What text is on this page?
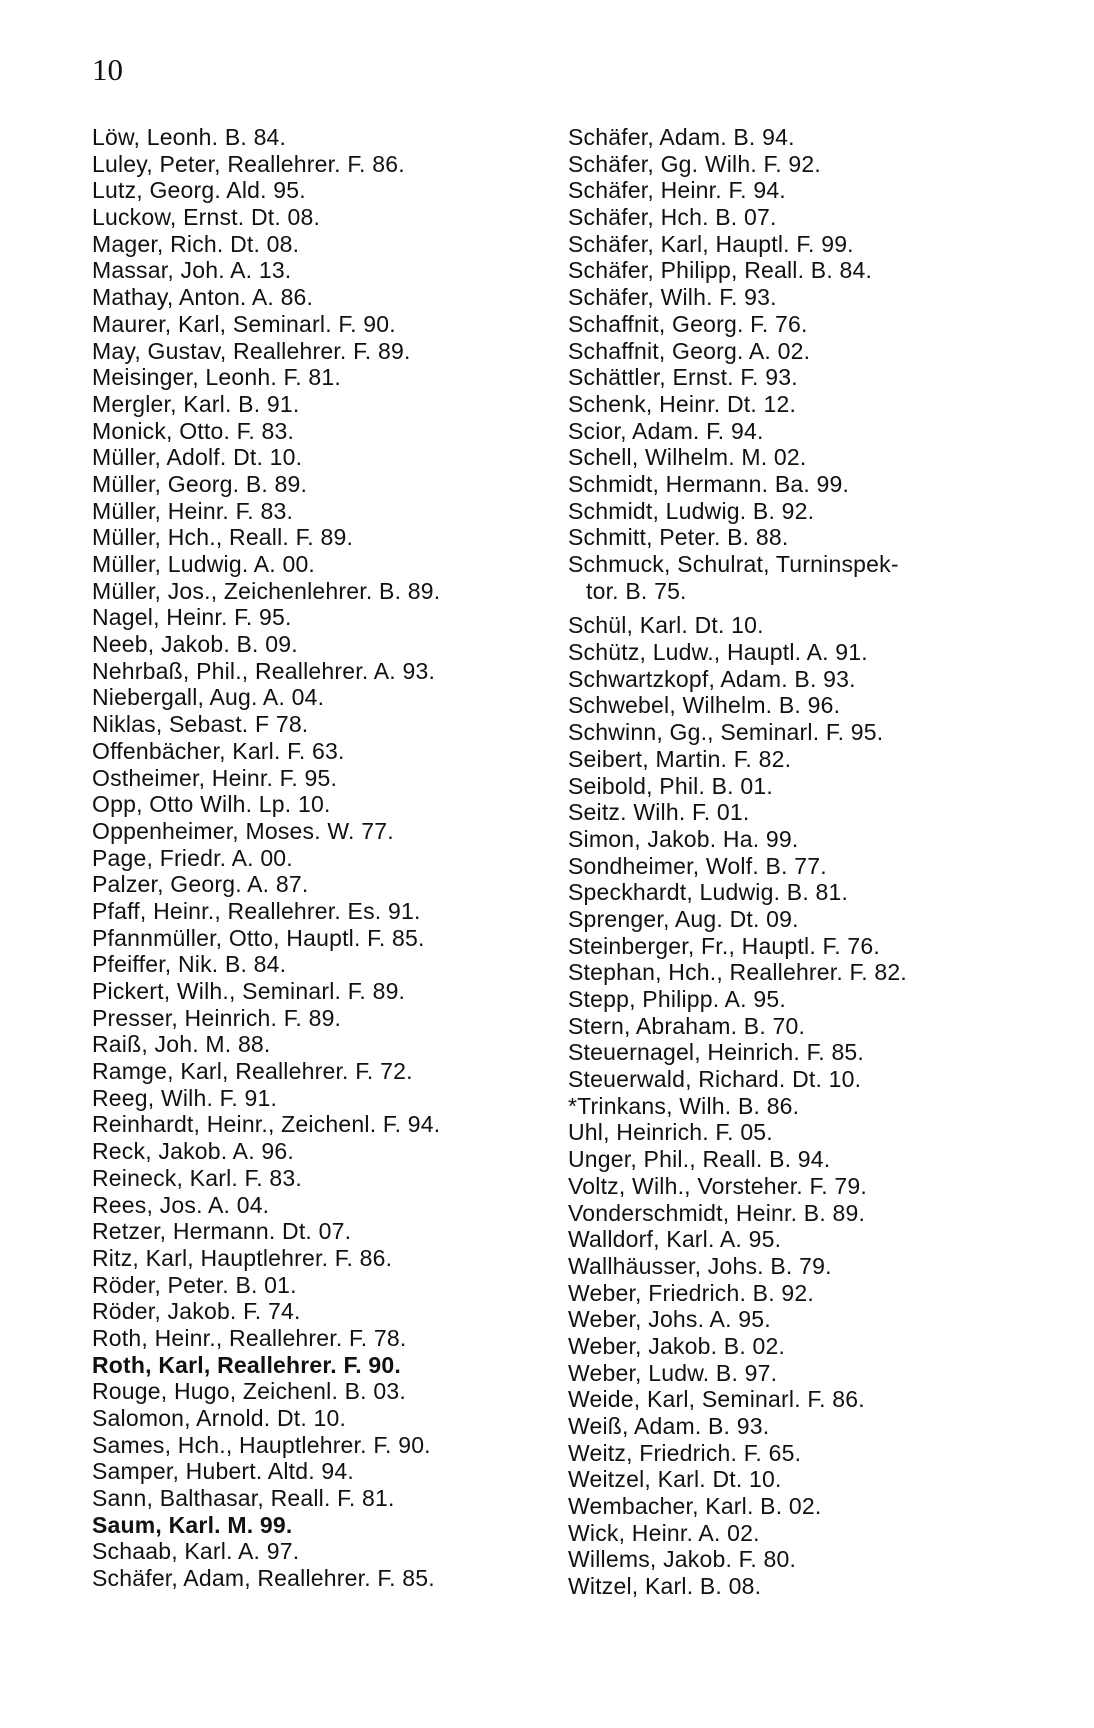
10
Löw, Leonh. B. 84.
Luley, Peter, Reallehrer. F. 86.
Lutz, Georg. Ald. 95.
Luckow, Ernst. Dt. 08.
Mager, Rich. Dt. 08.
Massar, Joh. A. 13.
Mathay, Anton. A. 86.
Maurer, Karl, Seminarl. F. 90.
May, Gustav, Reallehrer. F. 89.
Meisinger, Leonh. F. 81.
Mergler, Karl. B. 91.
Monick, Otto. F. 83.
Müller, Adolf. Dt. 10.
Müller, Georg. B. 89.
Müller, Heinr. F. 83.
Müller, Hch., Reall. F. 89.
Müller, Ludwig. A. 00.
Müller, Jos., Zeichenlehrer. B. 89.
Nagel, Heinr. F. 95.
Neeb, Jakob. B. 09.
Nehrbaß, Phil., Reallehrer. A. 93.
Niebergall, Aug. A. 04.
Niklas, Sebast. F 78.
Offenbächer, Karl. F. 63.
Ostheimer, Heinr. F. 95.
Opp, Otto Wilh. Lp. 10.
Oppenheimer, Moses. W. 77.
Page, Friedr. A. 00.
Palzer, Georg. A. 87.
Pfaff, Heinr., Reallehrer. Es. 91.
Pfannmüller, Otto, Hauptl. F. 85.
Pfeiffer, Nik. B. 84.
Pickert, Wilh., Seminarl. F. 89.
Presser, Heinrich. F. 89.
Raiß, Joh. M. 88.
Ramge, Karl, Reallehrer. F. 72.
Reeg, Wilh. F. 91.
Reinhardt, Heinr., Zeichenl. F. 94.
Reck, Jakob. A. 96.
Reineck, Karl. F. 83.
Rees, Jos. A. 04.
Retzer, Hermann. Dt. 07.
Ritz, Karl, Hauptlehrer. F. 86.
Röder, Peter. B. 01.
Röder, Jakob. F. 74.
Roth, Heinr., Reallehrer. F. 78.
Roth, Karl, Reallehrer. F. 90.
Rouge, Hugo, Zeichenl. B. 03.
Salomon, Arnold. Dt. 10.
Sames, Hch., Hauptlehrer. F. 90.
Samper, Hubert. Altd. 94.
Sann, Balthasar, Reall. F. 81.
Saum, Karl. M. 99.
Schaab, Karl. A. 97.
Schäfer, Adam, Reallehrer. F. 85.
Schäfer, Adam. B. 94.
Schäfer, Gg. Wilh. F. 92.
Schäfer, Heinr. F. 94.
Schäfer, Hch. B. 07.
Schäfer, Karl, Hauptl. F. 99.
Schäfer, Philipp, Reall. B. 84.
Schäfer, Wilh. F. 93.
Schaffnit, Georg. F. 76.
Schaffnit, Georg. A. 02.
Schättler, Ernst. F. 93.
Schenk, Heinr. Dt. 12.
Scior, Adam. F. 94.
Schell, Wilhelm. M. 02.
Schmidt, Hermann. Ba. 99.
Schmidt, Ludwig. B. 92.
Schmitt, Peter. B. 88.
Schmuck, Schulrat, Turninspek-
tor. B. 75.
Schül, Karl. Dt. 10.
Schütz, Ludw., Hauptl. A. 91.
Schwartzkopf, Adam. B. 93.
Schwebel, Wilhelm. B. 96.
Schwinn, Gg., Seminarl. F. 95.
Seibert, Martin. F. 82.
Seibold, Phil. B. 01.
Seitz. Wilh. F. 01.
Simon, Jakob. Ha. 99.
Sondheimer, Wolf. B. 77.
Speckhardt, Ludwig. B. 81.
Sprenger, Aug. Dt. 09.
Steinberger, Fr., Hauptl. F. 76.
Stephan, Hch., Reallehrer. F. 82.
Stepp, Philipp. A. 95.
Stern, Abraham. B. 70.
Steuernagel, Heinrich. F. 85.
Steuerwald, Richard. Dt. 10.
*Trinkans, Wilh. B. 86.
Uhl, Heinrich. F. 05.
Unger, Phil., Reall. B. 94.
Voltz, Wilh., Vorsteher. F. 79.
Vonderschmidt, Heinr. B. 89.
Walldorf, Karl. A. 95.
Wallhäusser, Johs. B. 79.
Weber, Friedrich. B. 92.
Weber, Johs. A. 95.
Weber, Jakob. B. 02.
Weber, Ludw. B. 97.
Weide, Karl, Seminarl. F. 86.
Weiß, Adam. B. 93.
Weitz, Friedrich. F. 65.
Weitzel, Karl. Dt. 10.
Wembacher, Karl. B. 02.
Wick, Heinr. A. 02.
Willems, Jakob. F. 80.
Witzel, Karl. B. 08.
